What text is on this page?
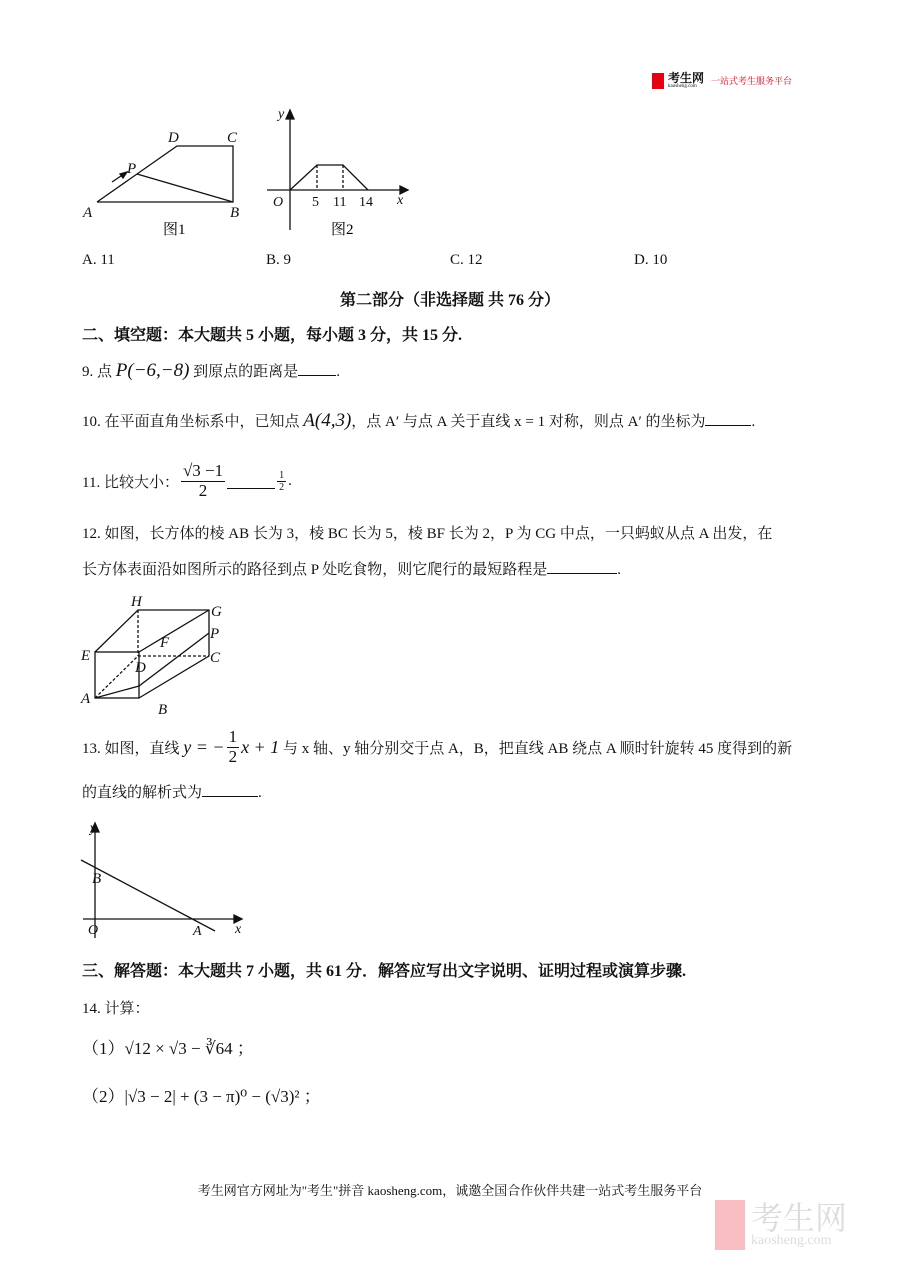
考生网
kaosheng.com
一站式考生服务平台
A	B
C
D
P
图1
O 5 11 14 x
y
图2
A. 11	B. 9	C. 12	D. 10
第二部分（非选择题 共 76 分）
二、填空题：本大题共 5 小题，每小题 3 分，共 15 分.
9. 点 P(−6,−8) 到原点的距离是	.
10. 在平面直角坐标系中，已知点 A(4,3)，点 A′ 与点 A 关于直线 x = 1 对称，则点 A′ 的坐标为	.
11. 比较大小： $\frac{√3 -1}{2}$	$\frac{1}{2}$ .
12. 如图，长方体的棱 AB 长为 3，棱 BC 长为 5，棱 BF 长为 2，P 为 CG 中点，一只蚂蚁从点 A 出发，在
长方体表面沿如图所示的路径到点 P 处吃食物，则它爬行的最短路程是	.
H
G
P
E
F
C
D
A
B
13. 如图，直线
y = − $\frac{1}{2}$ x + 1
与 x 轴、y 轴分别交于点 A，B，把直线 AB 绕点 A 顺时针旋转 45 度得到的新
的直线的解析式为	.
y
B
O	A x
三、解答题：本大题共 7 小题，共 61 分．解答应写出文字说明、证明过程或演算步骤.
14. 计算：
（1）√12 × √3 − ∛64 ；
（2）|√3 − 2| + (3 − π)⁰ − (√3)² ；
考生网官方网址为"考生"拼音 kaosheng.com，诚邀全国合作伙伴共建一站式考生服务平台
考生网
kaosheng.com
